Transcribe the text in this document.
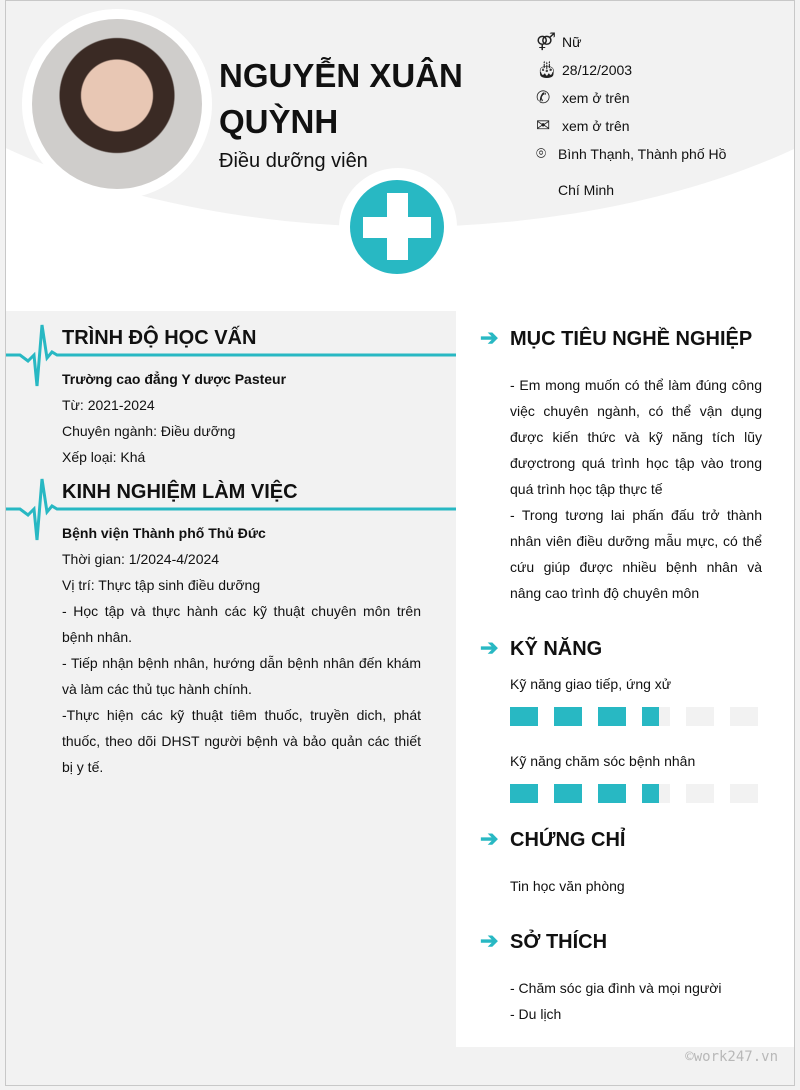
NGUYỄN XUÂN
QUỲNH
Điều dưỡng viên
⚤ Nữ
🎂︎ 28/12/2003
✆ xem ở trên
✉ xem ở trên
⌾ Bình Thạnh, Thành phố Hồ Chí Minh
TRÌNH ĐỘ HỌC VẤN
Trường cao đẳng Y dược Pasteur
Từ: 2021-2024
Chuyên ngành: Điều dưỡng
Xếp loại: Khá
KINH NGHIỆM LÀM VIỆC
Bệnh viện Thành phố Thủ Đức
Thời gian: 1/2024-4/2024
Vị trí: Thực tập sinh điều dưỡng
- Học tập và thực hành các kỹ thuật chuyên môn trên bệnh nhân.
- Tiếp nhận bệnh nhân, hướng dẫn bệnh nhân đến khám và làm các thủ tục hành chính.
-Thực hiện các kỹ thuật tiêm thuốc, truyền dich, phát thuốc, theo dõi DHST người bệnh và bảo quản các thiết bị y tế.
➔ MỤC TIÊU NGHỀ NGHIỆP
- Em mong muốn có thể làm đúng công việc chuyên ngành, có thể vận dụng được kiến thức và kỹ năng tích lũy đượctrong quá trình học tập vào trong quá trình học tập thực tế
- Trong tương lai phấn đấu trở thành nhân viên điều dưỡng mẫu mực, có thể cứu giúp được nhiều bệnh nhân và nâng cao trình độ chuyên môn
➔ KỸ NĂNG
Kỹ năng giao tiếp, ứng xử
Kỹ năng chăm sóc bệnh nhân
➔ CHỨNG CHỈ
Tin học văn phòng
➔ SỞ THÍCH
- Chăm sóc gia đình và mọi người
- Du lịch
©work247.vn
